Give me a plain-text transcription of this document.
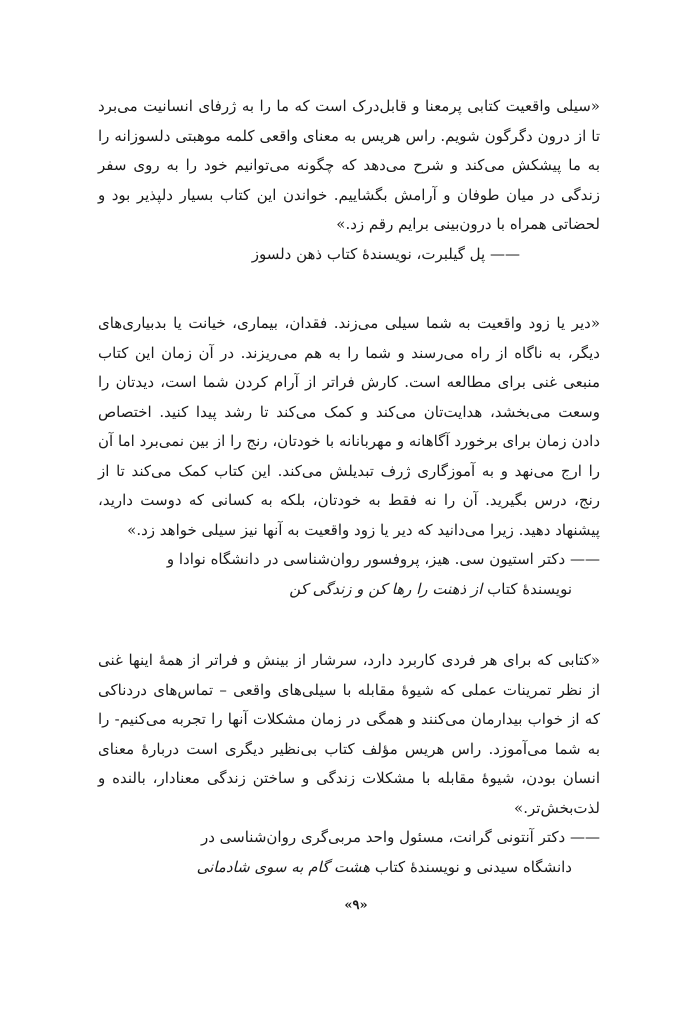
«سیلی واقعیت کتابی پرمعنا و قابل‌درک است که ما را به ژرفای انسانیت می‌برد تا از درون دگرگون شویم. راس هریس به معنای واقعی کلمه موهبتی دلسوزانه را به ما پیشکش می‌کند و شرح می‌دهد که چگونه می‌توانیم خود را به روی سفر زندگی در میان طوفان و آرامش بگشاییم. خواندن این کتاب بسیار دلپذیر بود و لحضاتی همراه با درون‌بینی برایم رقم زد.»

—— پل گیلبرت، نویسندهٔ کتاب ذهن دلسوز

«دیر یا زود واقعیت به شما سیلی می‌زند. فقدان، بیماری، خیانت یا بدبیاری‌های دیگر، به ناگاه از راه می‌رسند و شما را به هم می‌ریزند. در آن زمان این کتاب منبعی غنی برای مطالعه است. کارش فراتر از آرام کردن شما است، دیدتان را وسعت می‌بخشد، هدایت‌تان می‌کند و کمک می‌کند تا رشد پیدا کنید. اختصاص دادن زمان برای برخورد آگاهانه و مهربانانه با خودتان، رنج را از بین نمی‌برد اما آن را ارج می‌نهد و به آموزگاری ژرف تبدیلش می‌کند. این کتاب کمک می‌کند تا از رنج، درس بگیرید. آن را نه فقط به خودتان، بلکه به کسانی که دوست دارید، پیشنهاد دهید. زیرا می‌دانید که دیر یا زود واقعیت به آنها نیز سیلی خواهد زد.»

—— دکتر استیون سی. هیز، پروفسور روان‌شناسی در دانشگاه نوادا و

نویسندهٔ کتاب از ذهنت را رها کن و زندگی کن

«کتابی که برای هر فردی کاربرد دارد، سرشار از بینش و فراتر از همهٔ اینها غنی از نظر تمرینات عملی که شیوهٔ مقابله با سیلی‌های واقعی – تماس‌های دردناکی که از خواب بیدارمان می‌کنند و همگی در زمان مشکلات آنها را تجربه می‌کنیم- را به شما می‌آموزد. راس هریس مؤلف کتاب بی‌نظیر دیگری است دربارهٔ معنای انسان بودن، شیوهٔ مقابله با مشکلات زندگی و ساختن زندگی معنادار، بالنده و لذت‌بخش‌تر.»

—— دکتر آنتونی گرانت، مسئول واحد مربی‌گری روان‌شناسی در

دانشگاه سیدنی و نویسندهٔ کتاب هشت گام به سوی شادمانی

«۹»
